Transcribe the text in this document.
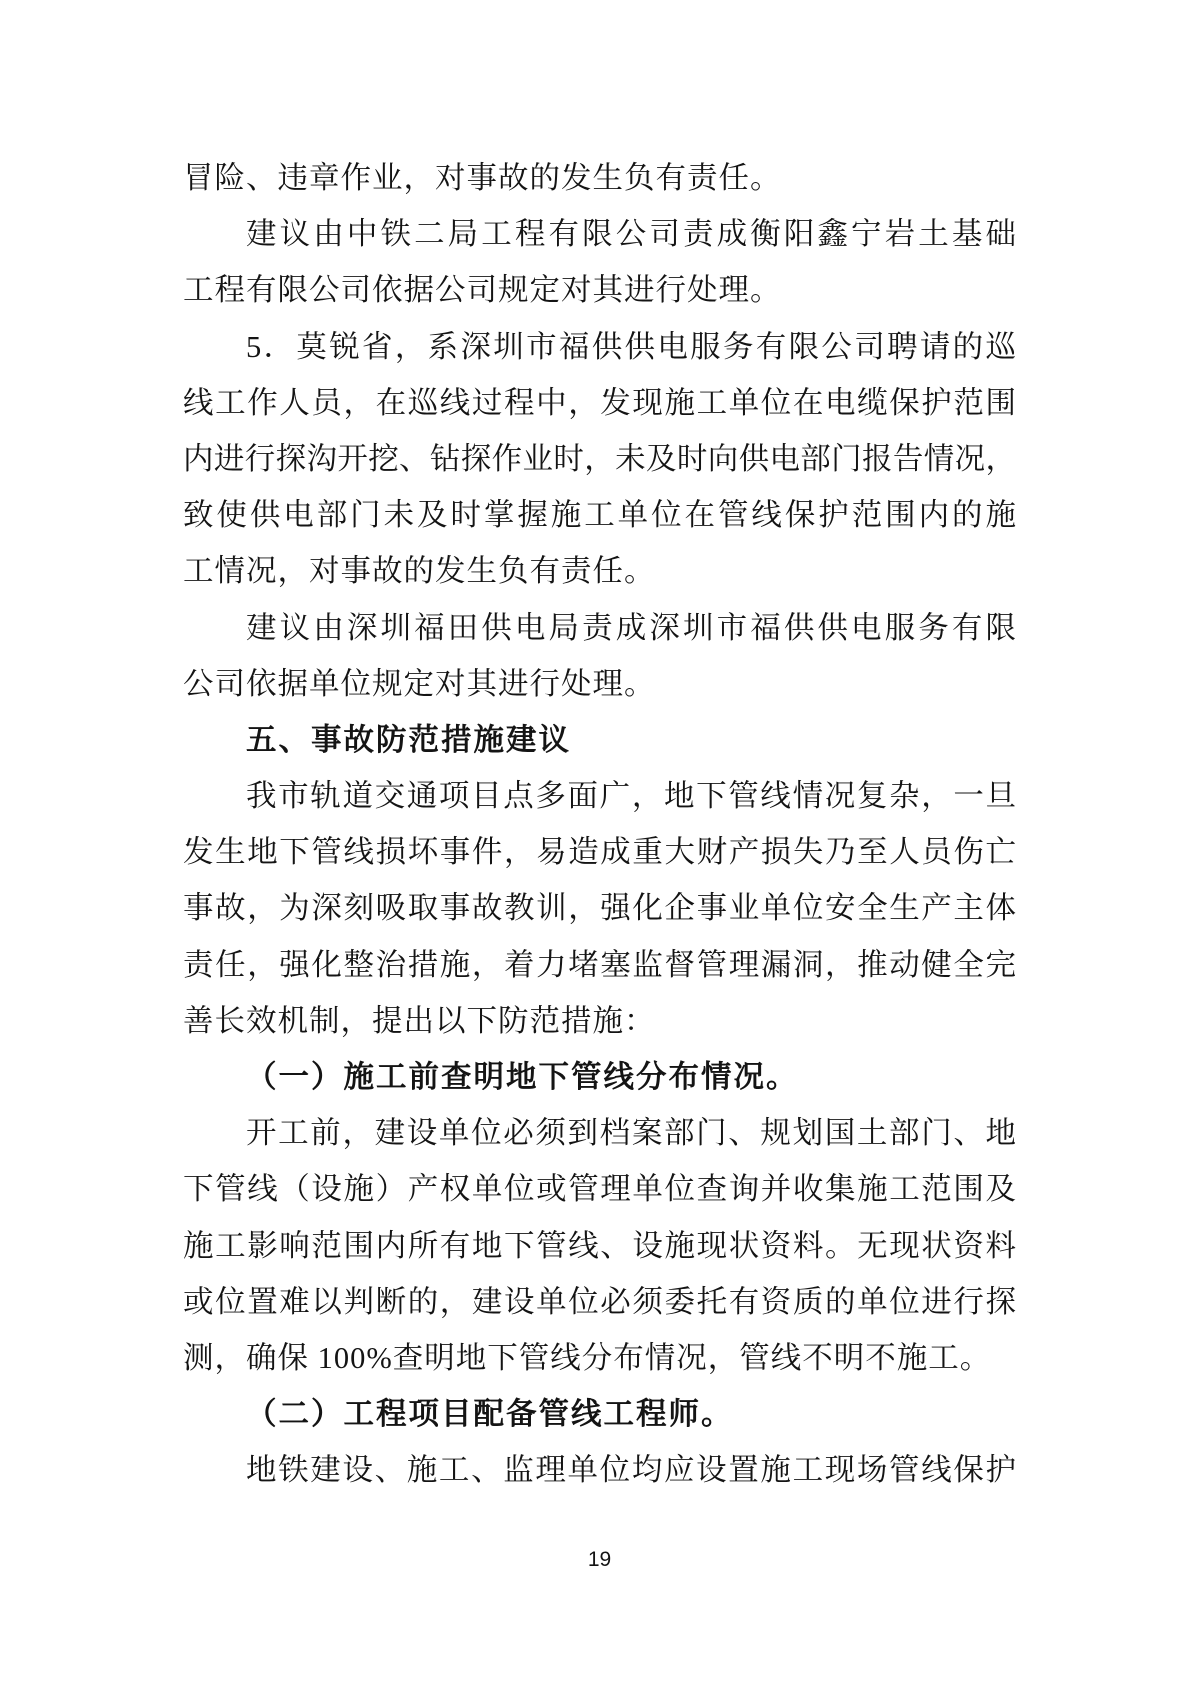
冒险、违章作业，对事故的发生负有责任。
建议由中铁二局工程有限公司责成衡阳鑫宁岩土基础
工程有限公司依据公司规定对其进行处理。
5．莫锐省，系深圳市福供供电服务有限公司聘请的巡
线工作人员，在巡线过程中，发现施工单位在电缆保护范围
内进行探沟开挖、钻探作业时，未及时向供电部门报告情况，
致使供电部门未及时掌握施工单位在管线保护范围内的施
工情况，对事故的发生负有责任。
建议由深圳福田供电局责成深圳市福供供电服务有限
公司依据单位规定对其进行处理。
五、事故防范措施建议
我市轨道交通项目点多面广，地下管线情况复杂，一旦
发生地下管线损坏事件，易造成重大财产损失乃至人员伤亡
事故，为深刻吸取事故教训，强化企事业单位安全生产主体
责任，强化整治措施，着力堵塞监督管理漏洞，推动健全完
善长效机制，提出以下防范措施：
（一）施工前查明地下管线分布情况。
开工前，建设单位必须到档案部门、规划国土部门、地
下管线（设施）产权单位或管理单位查询并收集施工范围及
施工影响范围内所有地下管线、设施现状资料。无现状资料
或位置难以判断的，建设单位必须委托有资质的单位进行探
测，确保 100%查明地下管线分布情况，管线不明不施工。
（二）工程项目配备管线工程师。
地铁建设、施工、监理单位均应设置施工现场管线保护
19
